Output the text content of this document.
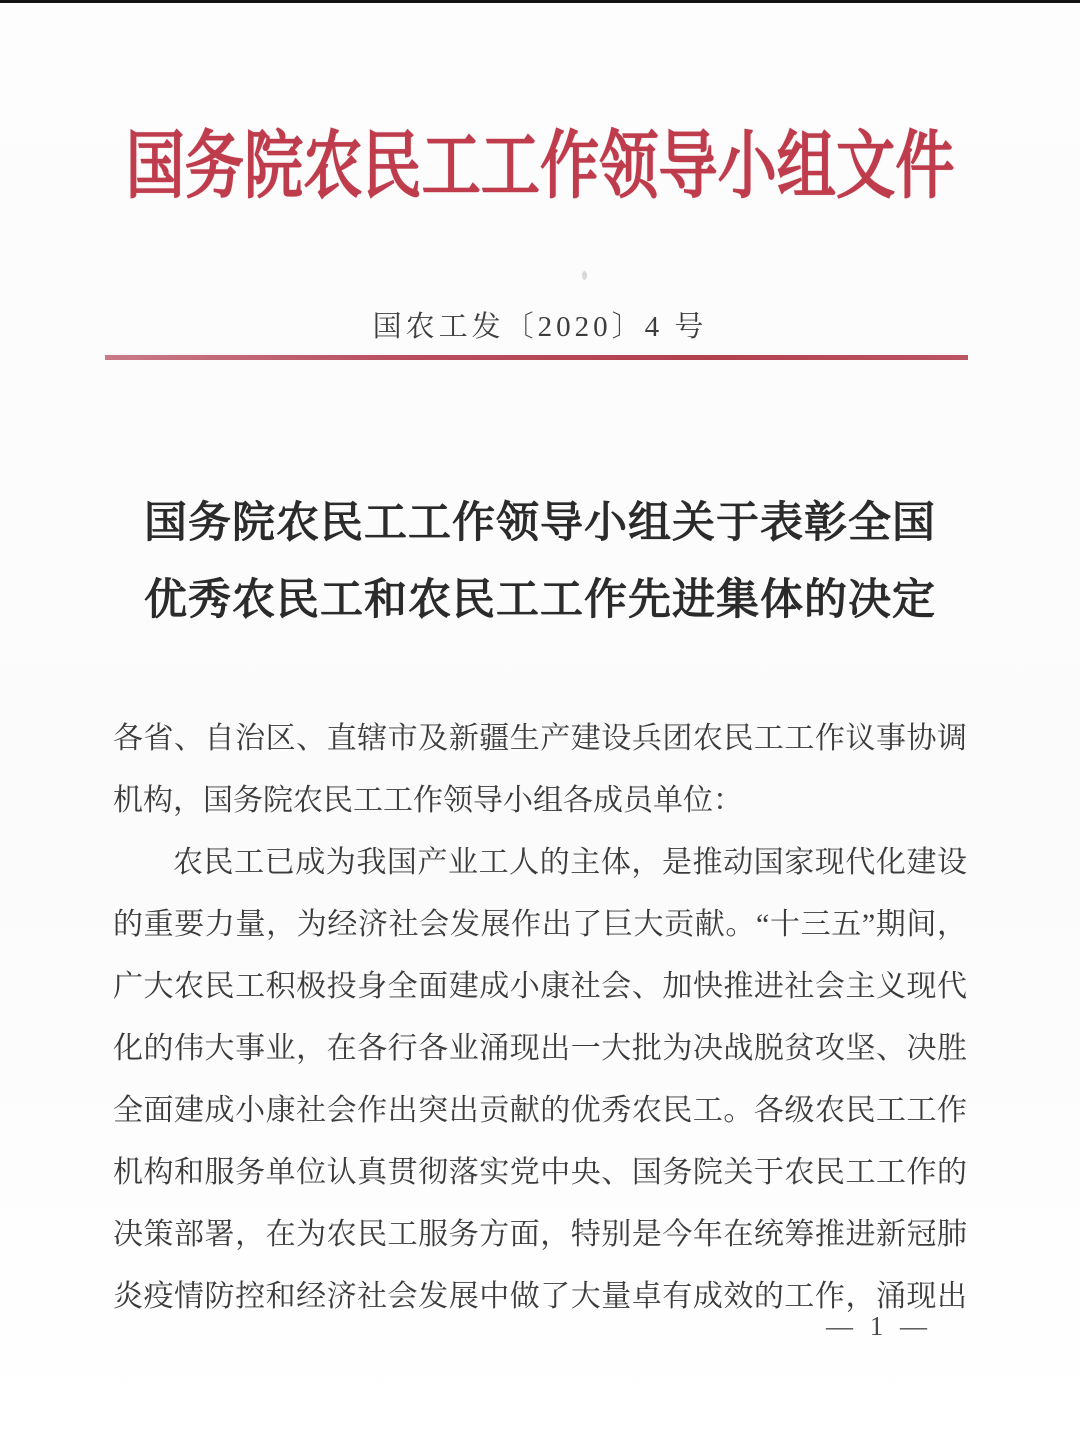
国务院农民工工作领导小组文件
国农工发〔2020〕4 号
国务院农民工工作领导小组关于表彰全国
优秀农民工和农民工工作先进集体的决定
各省、自治区、直辖市及新疆生产建设兵团农民工工作议事协调
机构，国务院农民工工作领导小组各成员单位：
农民工已成为我国产业工人的主体，是推动国家现代化建设
的重要力量，为经济社会发展作出了巨大贡献。“十三五”期间，
广大农民工积极投身全面建成小康社会、加快推进社会主义现代
化的伟大事业，在各行各业涌现出一大批为决战脱贫攻坚、决胜
全面建成小康社会作出突出贡献的优秀农民工。各级农民工工作
机构和服务单位认真贯彻落实党中央、国务院关于农民工工作的
决策部署，在为农民工服务方面，特别是今年在统筹推进新冠肺
炎疫情防控和经济社会发展中做了大量卓有成效的工作，涌现出
— 1 —
